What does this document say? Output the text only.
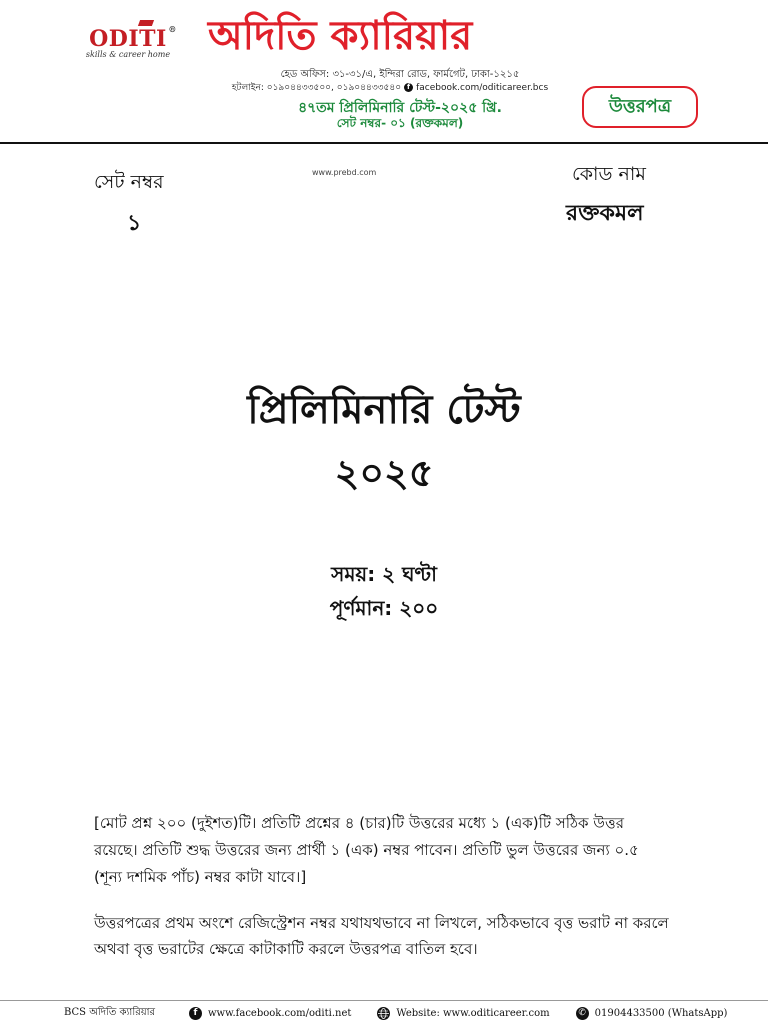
ODITI ®
skills & career home অদিতি ক্যারিয়ার
হেড অফিস: ৩১-৩১/এ, ইন্দিরা রোড, ফার্মগেট, ঢাকা-১২১৫
হটলাইন: ০১৯০৪৪৩৩৫০০, ০১৯০৪৪৩৩৫৪০ f facebook.com/oditicareer.bcs
৪৭তম প্রিলিমিনারি টেস্ট-২০২৫ খ্রি.
সেট নম্বর- ০১ (রক্তকমল)
উত্তরপত্র
সেট নম্বর
১
www.prebd.com	কোড নাম
রক্তকমল
প্রিলিমিনারি টেস্ট
২০২৫
সময়: ২ ঘণ্টা
পূর্ণমান: ২০০
[মোট প্রশ্ন ২০০ (দুইশত)টি। প্রতিটি প্রশ্নের ৪ (চার)টি উত্তরের মধ্যে ১ (এক)টি সঠিক উত্তর
রয়েছে। প্রতিটি শুদ্ধ উত্তরের জন্য প্রার্থী ১ (এক) নম্বর পাবেন। প্রতিটি ভুল উত্তরের জন্য ০.৫
(শূন্য দশমিক পাঁচ) নম্বর কাটা যাবে।]
উত্তরপত্রের প্রথম অংশে রেজিস্ট্রেশন নম্বর যথাযথভাবে না লিখলে, সঠিকভাবে বৃত্ত ভরাট না করলে
অথবা বৃত্ত ভরাটের ক্ষেত্রে কাটাকাটি করলে উত্তরপত্র বাতিল হবে।
BCS অদিতি ক্যারিয়ার	f	www.facebook.com/oditi.net	Website: www.oditicareer.com	✆ 01904433500 (WhatsApp)
